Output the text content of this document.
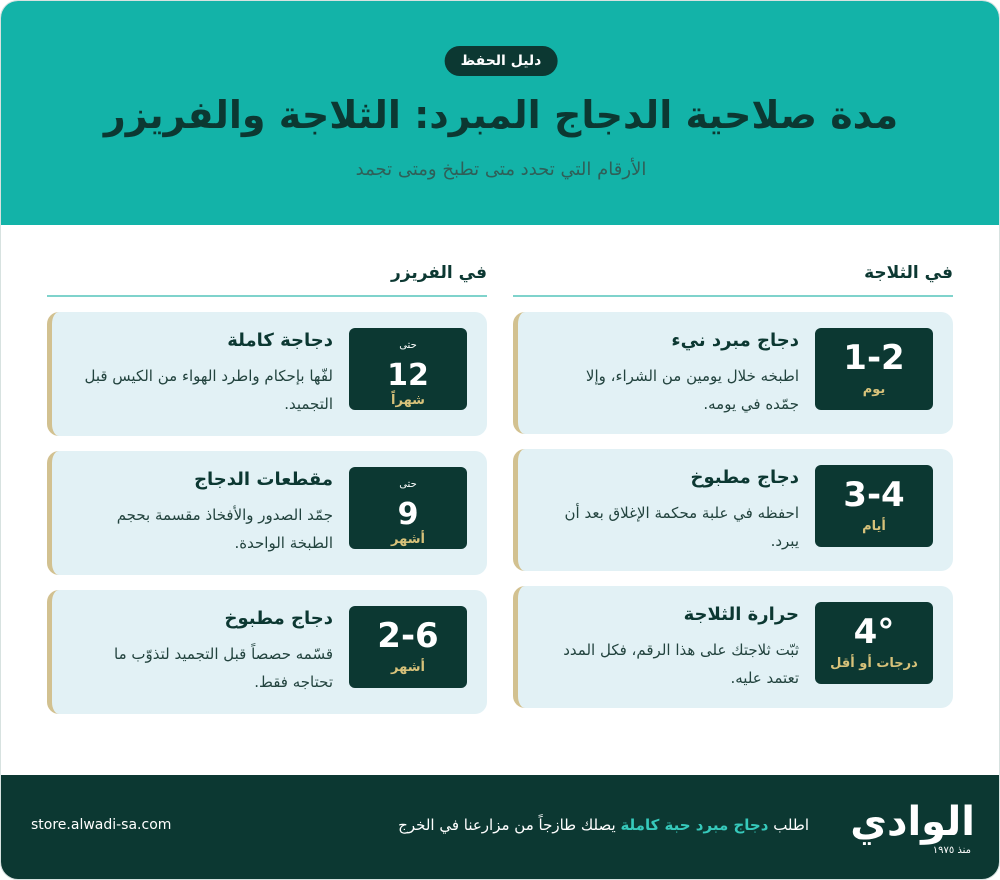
دليل الحفظ
مدة صلاحية الدجاج المبرد: الثلاجة والفريزر
الأرقام التي تحدد متى تطبخ ومتى تجمد
في الثلاجة
1-2
يوم
دجاج مبرد نيء
اطبخه خلال يومين من الشراء، وإلا جمّده في يومه.
3-4
أيام
دجاج مطبوخ
احفظه في علبة محكمة الإغلاق بعد أن يبرد.
4°
درجات أو أقل
حرارة الثلاجة
ثبّت ثلاجتك على هذا الرقم، فكل المدد تعتمد عليه.
في الفريزر
حتى
12
شهراً
دجاجة كاملة
لفّها بإحكام واطرد الهواء من الكيس قبل التجميد.
حتى
9
أشهر
مقطعات الدجاج
جمّد الصدور والأفخاذ مقسمة بحجم الطبخة الواحدة.
2-6
أشهر
دجاج مطبوخ
قسّمه حصصاً قبل التجميد لتذوّب ما تحتاجه فقط.
الوادي
منذ ١٩٧٥
اطلب دجاج مبرد حبة كاملة يصلك طازجاً من مزارعنا في الخرج
store.alwadi-sa.com
